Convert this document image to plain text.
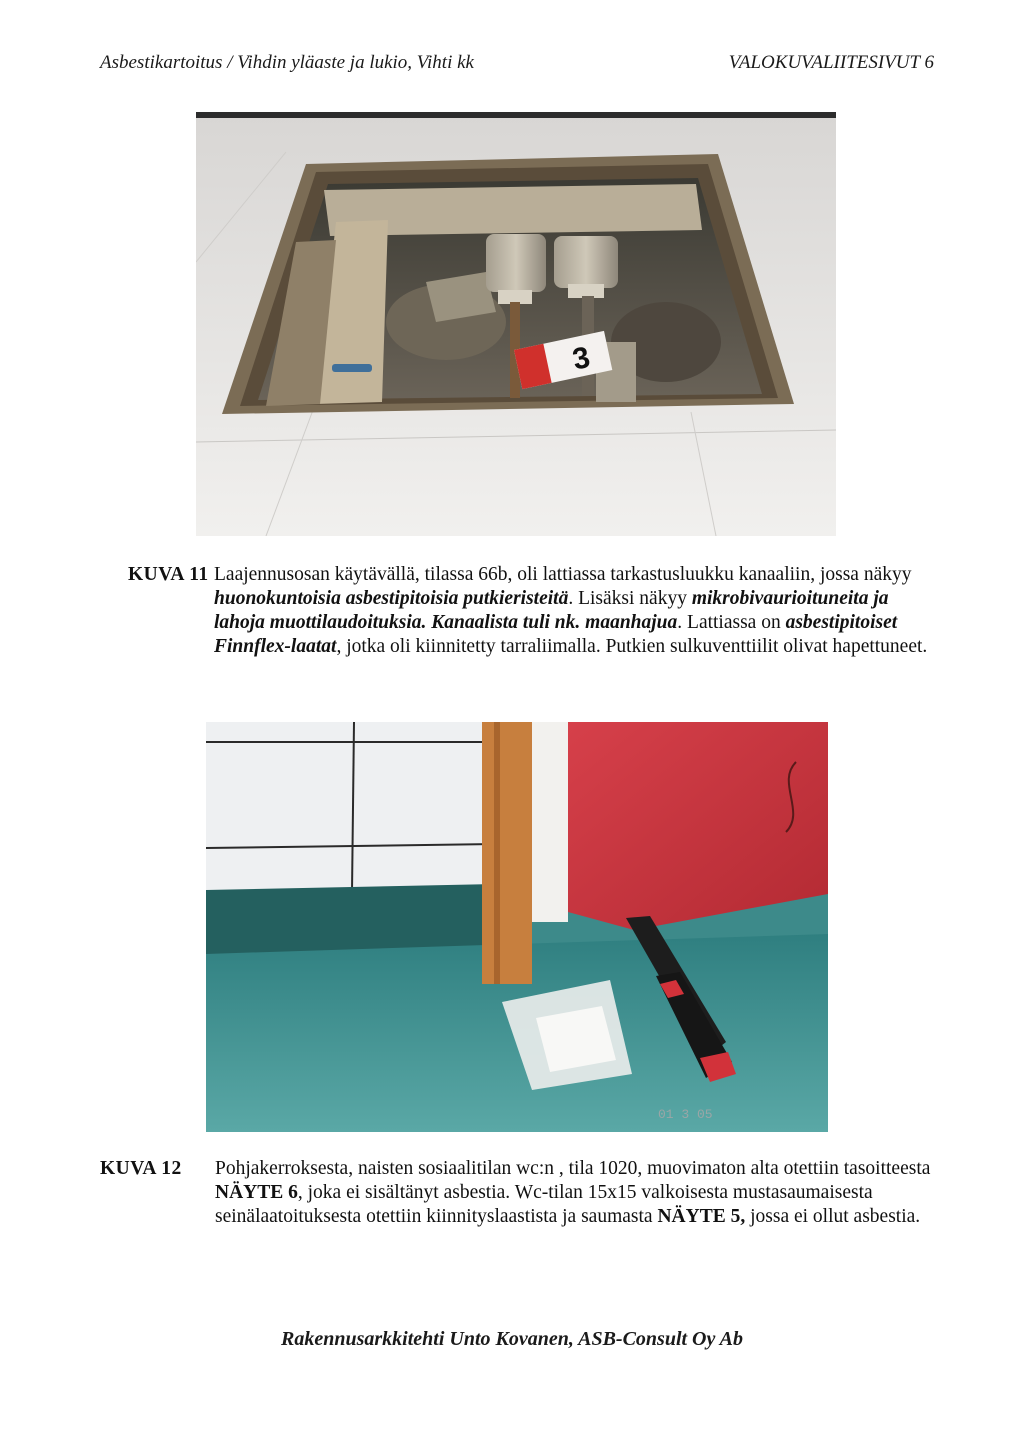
Asbestikartoitus / Vihdin yläaste ja lukio, Vihti kk	VALOKUVALIITESIVUT 6
3
KUVA 11 Laajennusosan käytävällä, tilassa 66b, oli lattiassa tarkastusluukku kanaaliin, jossa näkyy huonokuntoisia asbestipitoisia putkieristeitä. Lisäksi näkyy mikrobivaurioituneita ja lahoja muottilaudoituksia. Kanaalista tuli nk. maanhajua. Lattiassa on asbestipitoiset Finnflex-laatat, jotka oli kiinnitetty tarraliimalla. Putkien sulkuventtiilit olivat hapettuneet.

01 3 05
KUVA 12 Pohjakerroksesta, naisten sosiaalitilan wc:n , tila 1020, muovimaton alta otettiin tasoitteesta NÄYTE 6, joka ei sisältänyt asbestia. Wc-tilan 15x15 valkoisesta mustasaumaisesta seinälaatoituksesta otettiin kiinnityslaastista ja saumasta NÄYTE 5, jossa ei ollut asbestia.

Rakennusarkkitehti Unto Kovanen, ASB-Consult Oy Ab
